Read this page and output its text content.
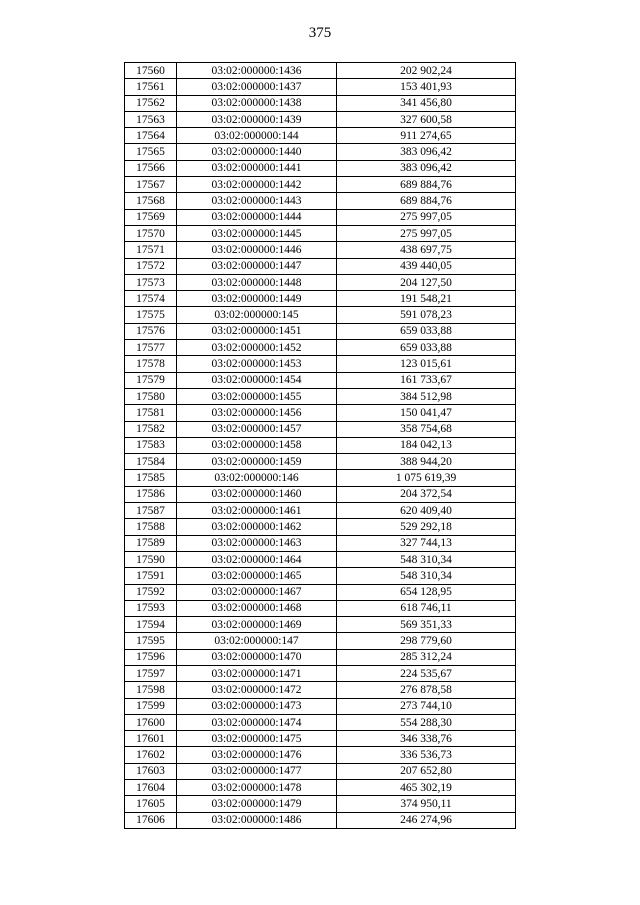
375
17560	03:02:000000:1436	202 902,24
17561	03:02:000000:1437	153 401,93
17562	03:02:000000:1438	341 456,80
17563	03:02:000000:1439	327 600,58
17564	03:02:000000:144	911 274,65
17565	03:02:000000:1440	383 096,42
17566	03:02:000000:1441	383 096,42
17567	03:02:000000:1442	689 884,76
17568	03:02:000000:1443	689 884,76
17569	03:02:000000:1444	275 997,05
17570	03:02:000000:1445	275 997,05
17571	03:02:000000:1446	438 697,75
17572	03:02:000000:1447	439 440,05
17573	03:02:000000:1448	204 127,50
17574	03:02:000000:1449	191 548,21
17575	03:02:000000:145	591 078,23
17576	03:02:000000:1451	659 033,88
17577	03:02:000000:1452	659 033,88
17578	03:02:000000:1453	123 015,61
17579	03:02:000000:1454	161 733,67
17580	03:02:000000:1455	384 512,98
17581	03:02:000000:1456	150 041,47
17582	03:02:000000:1457	358 754,68
17583	03:02:000000:1458	184 042,13
17584	03:02:000000:1459	388 944,20
17585	03:02:000000:146	1 075 619,39
17586	03:02:000000:1460	204 372,54
17587	03:02:000000:1461	620 409,40
17588	03:02:000000:1462	529 292,18
17589	03:02:000000:1463	327 744,13
17590	03:02:000000:1464	548 310,34
17591	03:02:000000:1465	548 310,34
17592	03:02:000000:1467	654 128,95
17593	03:02:000000:1468	618 746,11
17594	03:02:000000:1469	569 351,33
17595	03:02:000000:147	298 779,60
17596	03:02:000000:1470	285 312,24
17597	03:02:000000:1471	224 535,67
17598	03:02:000000:1472	276 878,58
17599	03:02:000000:1473	273 744,10
17600	03:02:000000:1474	554 288,30
17601	03:02:000000:1475	346 338,76
17602	03:02:000000:1476	336 536,73
17603	03:02:000000:1477	207 652,80
17604	03:02:000000:1478	465 302,19
17605	03:02:000000:1479	374 950,11
17606	03:02:000000:1486	246 274,96
